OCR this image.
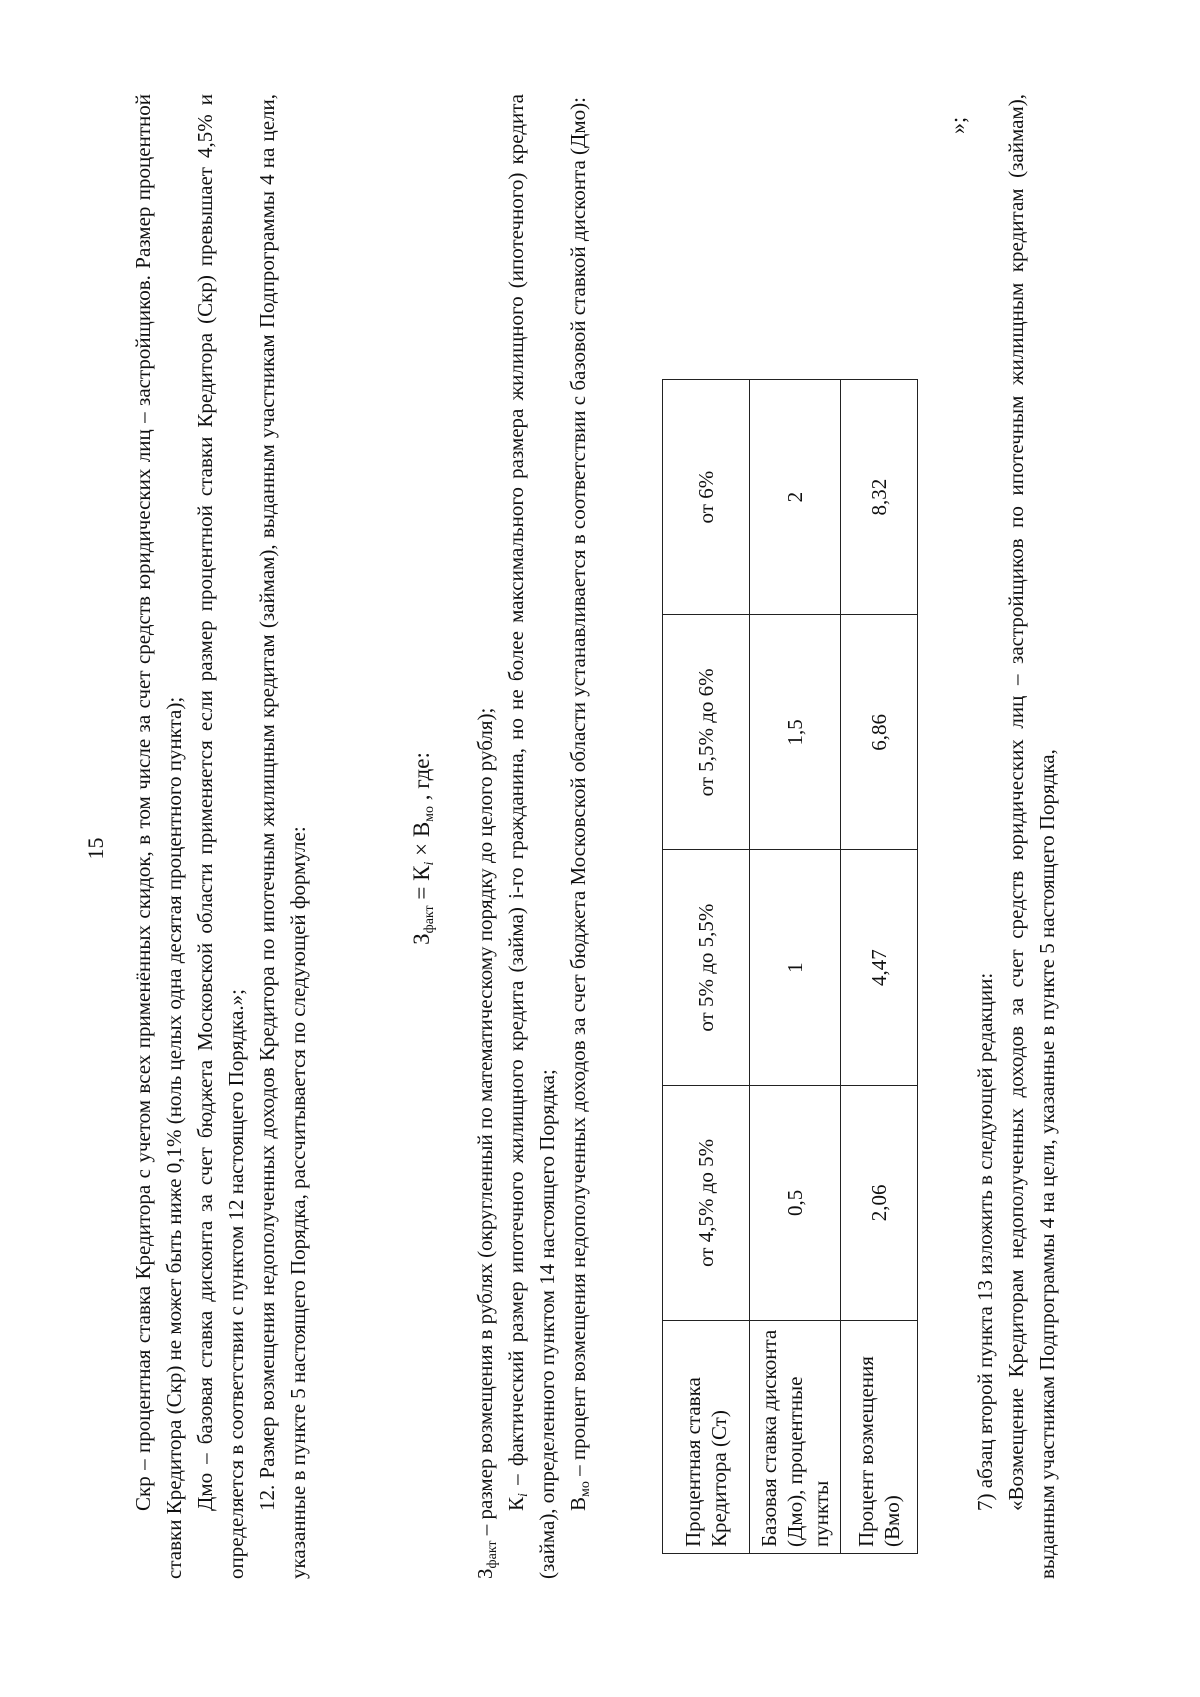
15 Скр – процентная ставка Кредитора с учетом всех применённых скидок, в том числе за счет средств юридических лиц – застройщиков. Размер процентной ставки Кредитора (Скр) не может быть ниже 0,1% (ноль целых одна десятая процентного пункта); Дмо – базовая ставка дисконта за счет бюджета Московской области применяется если размер процентной ставки Кредитора (Скр) превышает 4,5% и определяется в соответствии с пунктом 12 настоящего Порядка.»; 12. Размер возмещения недополученных доходов Кредитора по ипотечным жилищным кредитам (займам), выданным участникам Подпрограммы 4 на цели, указанные в пункте 5 настоящего Порядка, рассчитывается по следующей формуле:	$З_{факт} = К_i \times В_{мо}$ , где:

$З_{факт}$ – размер возмещения в рублях (округленный по математическому порядку до целого рубля); $К_i$ – фактический размер ипотечного жилищного кредита (займа) i-го гражданина, но не более максимального размера жилищного (ипотечного) кредита (займа), определенного пунктом 14 настоящего Порядка; $В_{мо}$ – процент возмещения недополученных доходов за счет бюджета Московской области устанавливается в соответствии с базовой ставкой дисконта (Дмо):	Процентная ставка Кредитора (Ст)	от 4,5% до 5%	от 5% до 5,5%	от 5,5% до 6%	от 6%
Базовая ставка дисконта (Дмо), процентные пункты	0,5	1	1,5	2
Процент возмещения (Вмо)	2,06	4,47	6,86	8,32
»;

7) абзац второй пункта 13 изложить в следующей редакции: «Возмещение Кредиторам недополученных доходов за счет средств юридических лиц – застройщиков по ипотечным жилищным кредитам (займам), выданным участникам Подпрограммы 4 на цели, указанные в пункте 5 настоящего Порядка,
